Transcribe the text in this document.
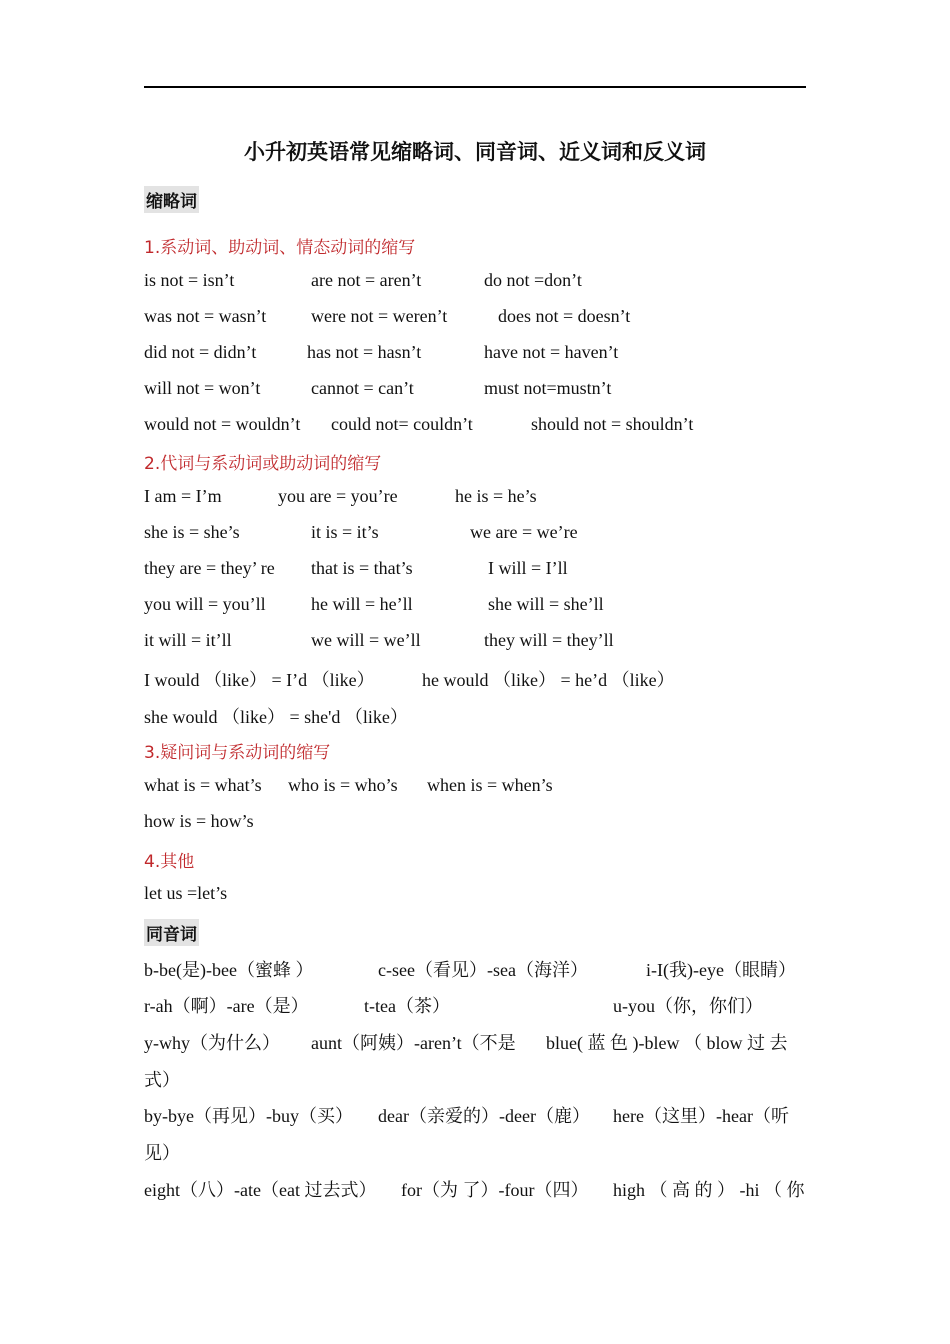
小升初英语常见缩略词、同音词、近义词和反义词
缩略词
1.系动词、助动词、情态动词的缩写
is not = isn’t	are not = aren’t	do not =don’t
was not = wasn’t were not = weren’t	does not = doesn’t
did not = didn’t	has not = hasn’t	have not = haven’t
will not = won’t	cannot = can’t	must not=mustn’t
would not = wouldn’t could not= couldn’t	should not = shouldn’t
2.代词与系动词或助动词的缩写
I am = I’m	you are = you’re	he is = he’s
she is = she’s	it is = it’s	we are = we’re
they are = they’ re that is = that’s	I will = I’ll
you will = you’ll	he will = he’ll	she will = she’ll
it will = it’ll	we will = we’ll	they will = they’ll
I would （like） = I’d （like）	he would （like） = he’d （like）
she would （like） = she'd （like）
3.疑问词与系动词的缩写
what is = what’s who is = who’s when is = when’s
how is = how’s
4.其他
let us =let’s
同音词
b-be(是)-bee（蜜蜂 ）	c-see（看见）-sea（海洋）	i-I(我)-eye（眼睛）
r-ah（啊）-are（是）	t-tea（茶）	u-you（你，你们）
y-why（为什么） aunt（阿姨）-aren’t（不是 blue( 蓝 色 )-blew （ blow 过 去
式）
by-bye（再见）-buy（买） dear（亲爱的）-deer（鹿） here（这里）-hear（听
见）
eight（八）-ate（eat 过去式） for（为 了）-four（四） high （ 高 的 ） -hi （ 你
